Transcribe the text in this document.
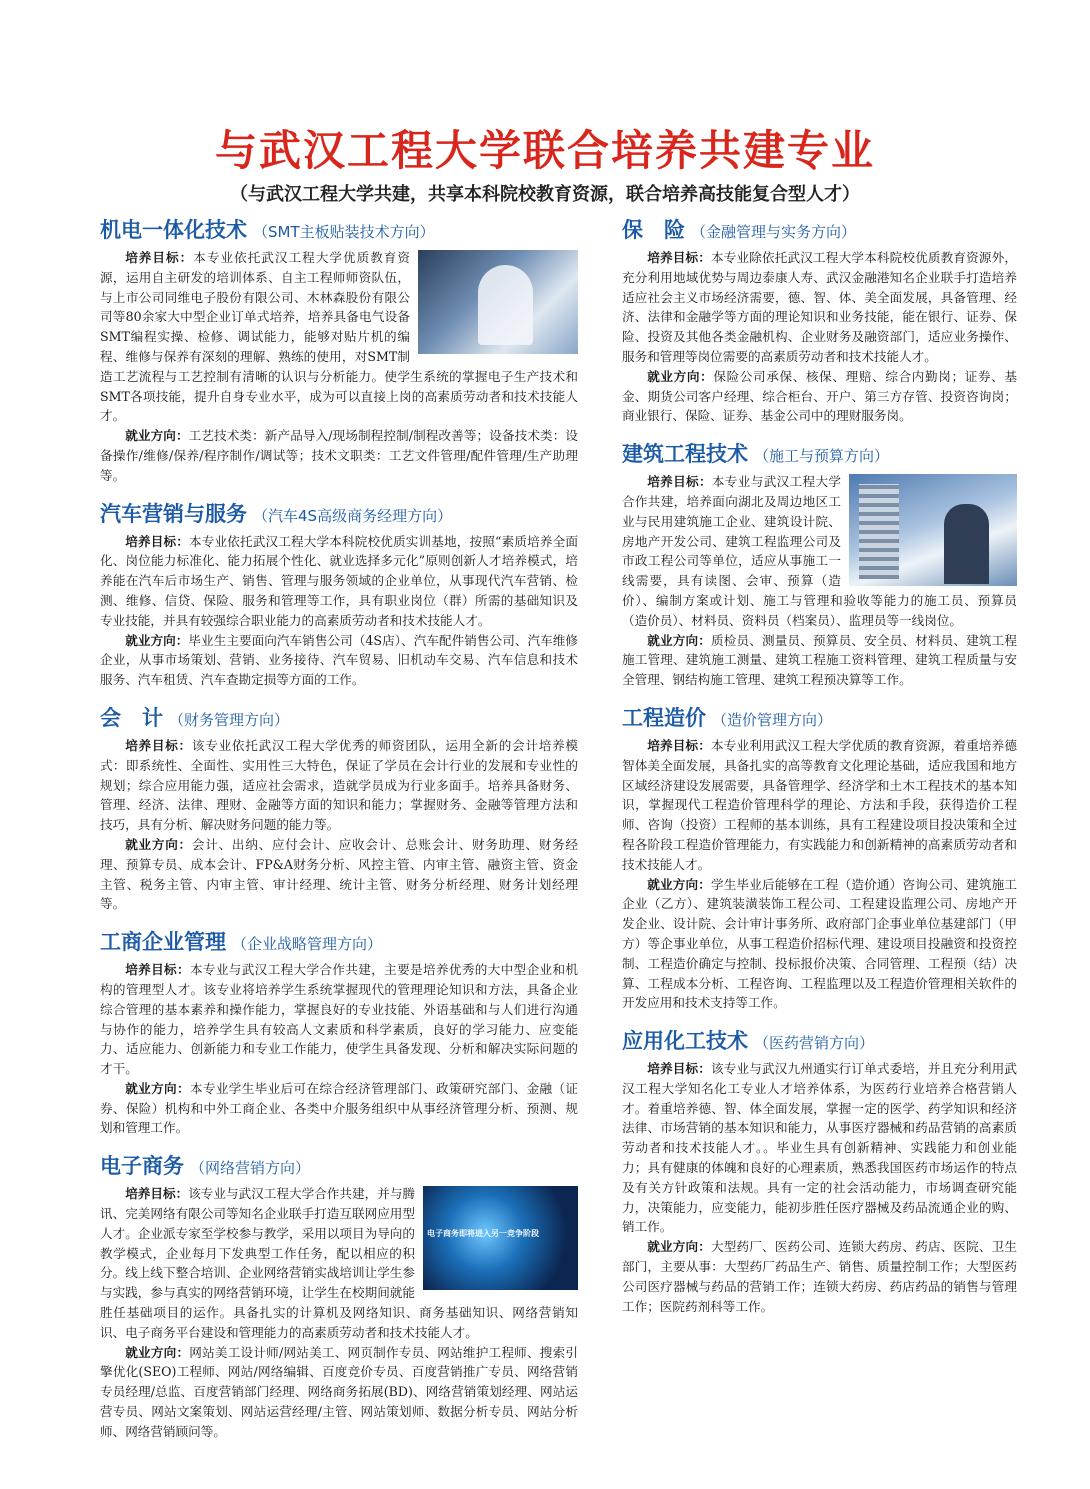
与武汉工程大学联合培养共建专业
（与武汉工程大学共建，共享本科院校教育资源，联合培养高技能复合型人才）
机电一体化技术 （SMT主板贴装技术方向）

培养目标：本专业依托武汉工程大学优质教育资源，运用自主研发的培训体系、自主工程师师资队伍，与上市公司同维电子股份有限公司、木林森股份有限公司等80余家大中型企业订单式培养，培养具备电气设备SMT编程实操、检修、调试能力，能够对贴片机的编程、维修与保养有深刻的理解、熟练的使用，对SMT制造工艺流程与工艺控制有清晰的认识与分析能力。使学生系统的掌握电子生产技术和SMT各项技能，提升自身专业水平，成为可以直接上岗的高素质劳动者和技术技能人才。

就业方向：工艺技术类：新产品导入/现场制程控制/制程改善等；设备技术类：设备操作/维修/保养/程序制作/调试等；技术文职类：工艺文件管理/配件管理/生产助理等。

汽车营销与服务 （汽车4S高级商务经理方向）

培养目标：本专业依托武汉工程大学本科院校优质实训基地，按照“素质培养全面化、岗位能力标准化、能力拓展个性化、就业选择多元化”原则创新人才培养模式，培养能在汽车后市场生产、销售、管理与服务领域的企业单位，从事现代汽车营销、检测、维修、信贷、保险、服务和管理等工作，具有职业岗位（群）所需的基础知识及专业技能，并具有较强综合职业能力的高素质劳动者和技术技能人才。

就业方向：毕业生主要面向汽车销售公司（4S店）、汽车配件销售公司、汽车维修企业，从事市场策划、营销、业务接待、汽车贸易、旧机动车交易、汽车信息和技术服务、汽车租赁、汽车查勘定损等方面的工作。

会　计 （财务管理方向）

培养目标：该专业依托武汉工程大学优秀的师资团队，运用全新的会计培养模式：即系统性、全面性、实用性三大特色，保证了学员在会计行业的发展和专业性的规划；综合应用能力强，适应社会需求，造就学员成为行业多面手。培养具备财务、管理、经济、法律、理财、金融等方面的知识和能力；掌握财务、金融等管理方法和技巧，具有分析、解决财务问题的能力等。

就业方向：会计、出纳、应付会计、应收会计、总账会计、财务助理、财务经理、预算专员、成本会计、FP&A财务分析、风控主管、内审主管、融资主管、资金主管、税务主管、内审主管、审计经理、统计主管、财务分析经理、财务计划经理等。

工商企业管理 （企业战略管理方向）

培养目标：本专业与武汉工程大学合作共建，主要是培养优秀的大中型企业和机构的管理型人才。该专业将培养学生系统掌握现代的管理理论知识和方法，具备企业综合管理的基本素养和操作能力，掌握良好的专业技能、外语基础和与人们进行沟通与协作的能力，培养学生具有较高人文素质和科学素质，良好的学习能力、应变能力、适应能力、创新能力和专业工作能力，使学生具备发现、分析和解决实际问题的才干。

就业方向：本专业学生毕业后可在综合经济管理部门、政策研究部门、金融（证券、保险）机构和中外工商企业、各类中介服务组织中从事经济管理分析、预测、规划和管理工作。

电子商务 （网络营销方向）
电子商务即将进入另一竞争阶段

培养目标：该专业与武汉工程大学合作共建，并与腾讯、完美网络有限公司等知名企业联手打造互联网应用型人才。企业派专家至学校参与教学，采用以项目为导向的教学模式，企业每月下发典型工作任务，配以相应的积分。线上线下整合培训、企业网络营销实战培训让学生参与实践，参与真实的网络营销环境，让学生在校期间就能胜任基础项目的运作。具备扎实的计算机及网络知识、商务基础知识、网络营销知识、电子商务平台建设和管理能力的高素质劳动者和技术技能人才。

就业方向：网站美工设计师/网站美工、网页制作专员、网站维护工程师、搜索引擎优化(SEO)工程师、网站/网络编辑、百度竞价专员、百度营销推广专员、网络营销专员经理/总监、百度营销部门经理、网络商务拓展(BD)、网络营销策划经理、网站运营专员、网站文案策划、网站运营经理/主管、网站策划师、数据分析专员、网站分析师、网络营销顾问等。

保　险 （金融管理与实务方向）

培养目标：本专业除依托武汉工程大学本科院校优质教育资源外，充分利用地域优势与周边泰康人寿、武汉金融港知名企业联手打造培养适应社会主义市场经济需要，德、智、体、美全面发展，具备管理、经济、法律和金融学等方面的理论知识和业务技能，能在银行、证券、保险、投资及其他各类金融机构、企业财务及融资部门，适应业务操作、服务和管理等岗位需要的高素质劳动者和技术技能人才。

就业方向：保险公司承保、核保、理赔、综合内勤岗；证券、基金、期货公司客户经理、综合柜台、开户、第三方存管、投资咨询岗；商业银行、保险、证券、基金公司中的理财服务岗。

建筑工程技术 （施工与预算方向）

培养目标：本专业与武汉工程大学合作共建，培养面向湖北及周边地区工业与民用建筑施工企业、建筑设计院、房地产开发公司、建筑工程监理公司及市政工程公司等单位，适应从事施工一线需要，具有读图、会审、预算（造价）、编制方案或计划、施工与管理和验收等能力的施工员、预算员（造价员）、材料员、资料员（档案员）、监理员等一线岗位。

就业方向：质检员、测量员、预算员、安全员、材料员、建筑工程施工管理、建筑施工测量、建筑工程施工资料管理、建筑工程质量与安全管理、钢结构施工管理、建筑工程预决算等工作。

工程造价 （造价管理方向）

培养目标：本专业利用武汉工程大学优质的教育资源，着重培养德智体美全面发展，具备扎实的高等教育文化理论基础，适应我国和地方区域经济建设发展需要，具备管理学、经济学和土木工程技术的基本知识，掌握现代工程造价管理科学的理论、方法和手段，获得造价工程师、咨询（投资）工程师的基本训练，具有工程建设项目投决策和全过程各阶段工程造价管理能力，有实践能力和创新精神的高素质劳动者和技术技能人才。

就业方向：学生毕业后能够在工程（造价通）咨询公司、建筑施工企业（乙方）、建筑装潢装饰工程公司、工程建设监理公司、房地产开发企业、设计院、会计审计事务所、政府部门企事业单位基建部门（甲方）等企事业单位，从事工程造价招标代理、建设项目投融资和投资控制、工程造价确定与控制、投标报价决策、合同管理、工程预（结）决算、工程成本分析、工程咨询、工程监理以及工程造价管理相关软件的开发应用和技术支持等工作。

应用化工技术 （医药营销方向）

培养目标：该专业与武汉九州通实行订单式委培，并且充分利用武汉工程大学知名化工专业人才培养体系，为医药行业培养合格营销人才。着重培养德、智、体全面发展，掌握一定的医学、药学知识和经济法律、市场营销的基本知识和能力，从事医疗器械和药品营销的高素质劳动者和技术技能人才。。毕业生具有创新精神、实践能力和创业能力；具有健康的体魄和良好的心理素质，熟悉我国医药市场运作的特点及有关方针政策和法规。具有一定的社会活动能力，市场调查研究能力，决策能力，应变能力，能初步胜任医疗器械及药品流通企业的购、销工作。

就业方向：大型药厂、医药公司、连锁大药房、药店、医院、卫生部门，主要从事：大型药厂药品生产、销售、质量控制工作；大型医药公司医疗器械与药品的营销工作；连锁大药房、药店药品的销售与管理工作；医院药剂科等工作。
